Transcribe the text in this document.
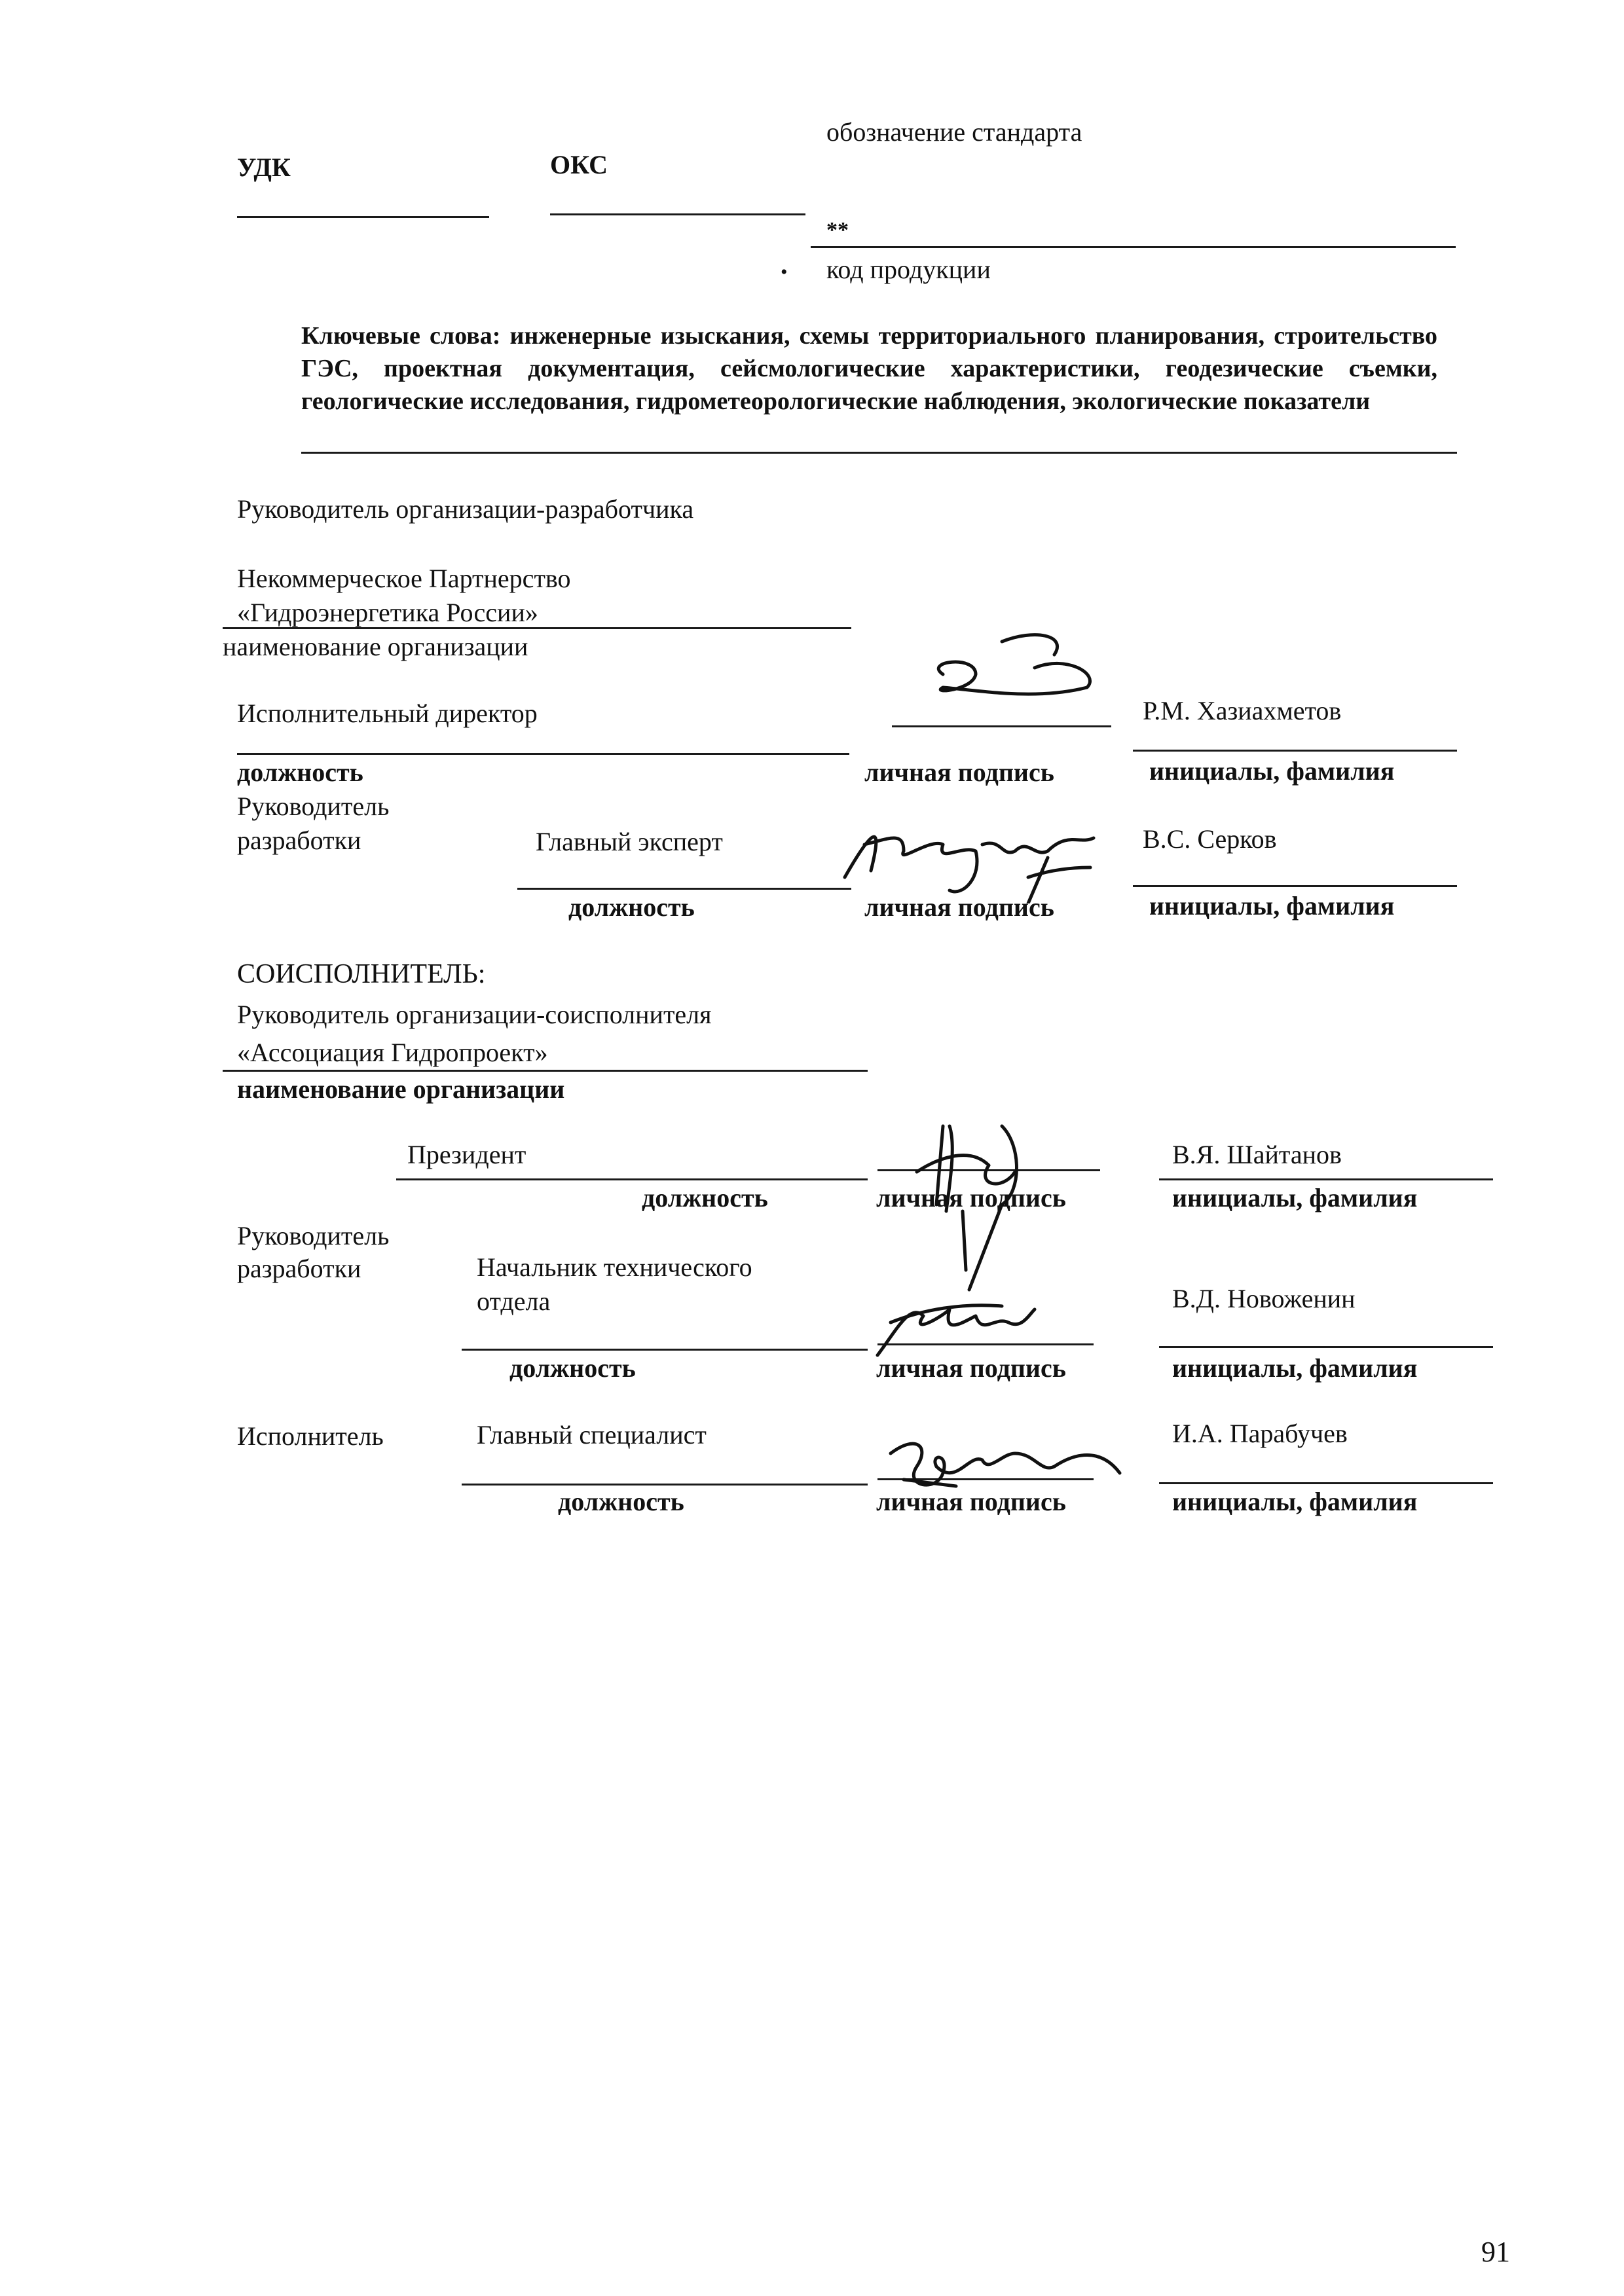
обозначение стандарта
УДК	ОКС
**
• код продукции
Ключевые слова: инженерные изыскания, схемы территориального планирования, строительство ГЭС, проектная документация, сейсмологические характеристики, геодезические съемки, геологические исследования, гидрометеорологические наблюдения, экологические показатели
Руководитель организации-разработчика
Некоммерческое Партнерство
«Гидроэнергетика России»
наименование организации
Исполнительный директор	Р.М. Хазиахметов
должность	личная подпись	инициалы, фамилия
Руководитель
разработки	Главный эксперт	В.С. Серков
должность	личная подпись	инициалы, фамилия
СОИСПОЛНИТЕЛЬ:
Руководитель организации-соисполнителя
«Ассоциация Гидропроект»
наименование организации
Президент	В.Я. Шайтанов
должность	личная подпись	инициалы, фамилия
Руководитель
разработки	Начальник технического
отдела	В.Д. Новоженин
должность	личная подпись	инициалы, фамилия
Исполнитель	Главный специалист	И.А. Парабучев
должность	личная подпись	инициалы, фамилия
91
